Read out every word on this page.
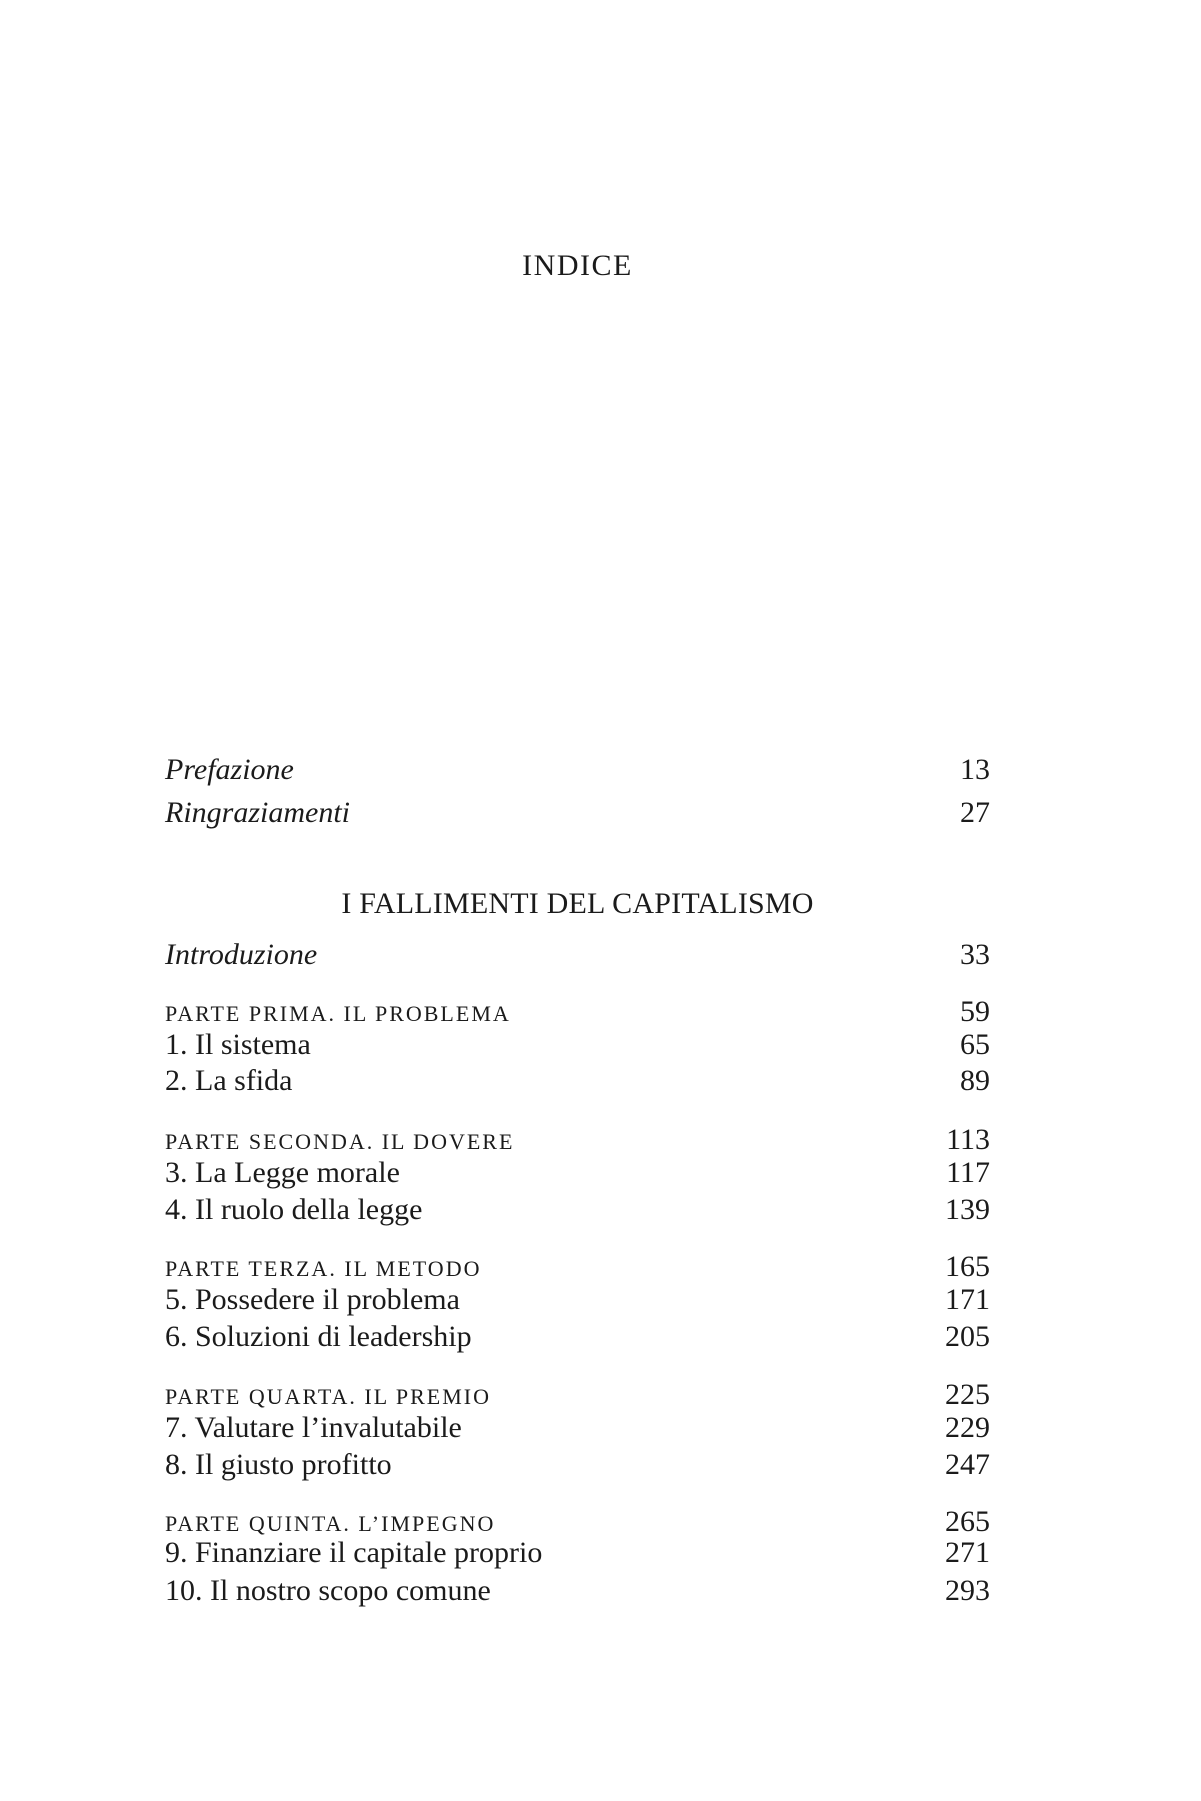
INDICE
Prefazione	13
Ringraziamenti	27
I FALLIMENTI DEL CAPITALISMO
Introduzione	33
PARTE PRIMA. IL PROBLEMA	59
1. Il sistema	65
2. La sfida	89
PARTE SECONDA. IL DOVERE	113
3. La Legge morale	117
4. Il ruolo della legge	139
PARTE TERZA. IL METODO	165
5. Possedere il problema	171
6. Soluzioni di leadership	205
PARTE QUARTA. IL PREMIO	225
7. Valutare l’invalutabile	229
8. Il giusto profitto	247
PARTE QUINTA. L’IMPEGNO	265
9. Finanziare il capitale proprio	271
10. Il nostro scopo comune	293
